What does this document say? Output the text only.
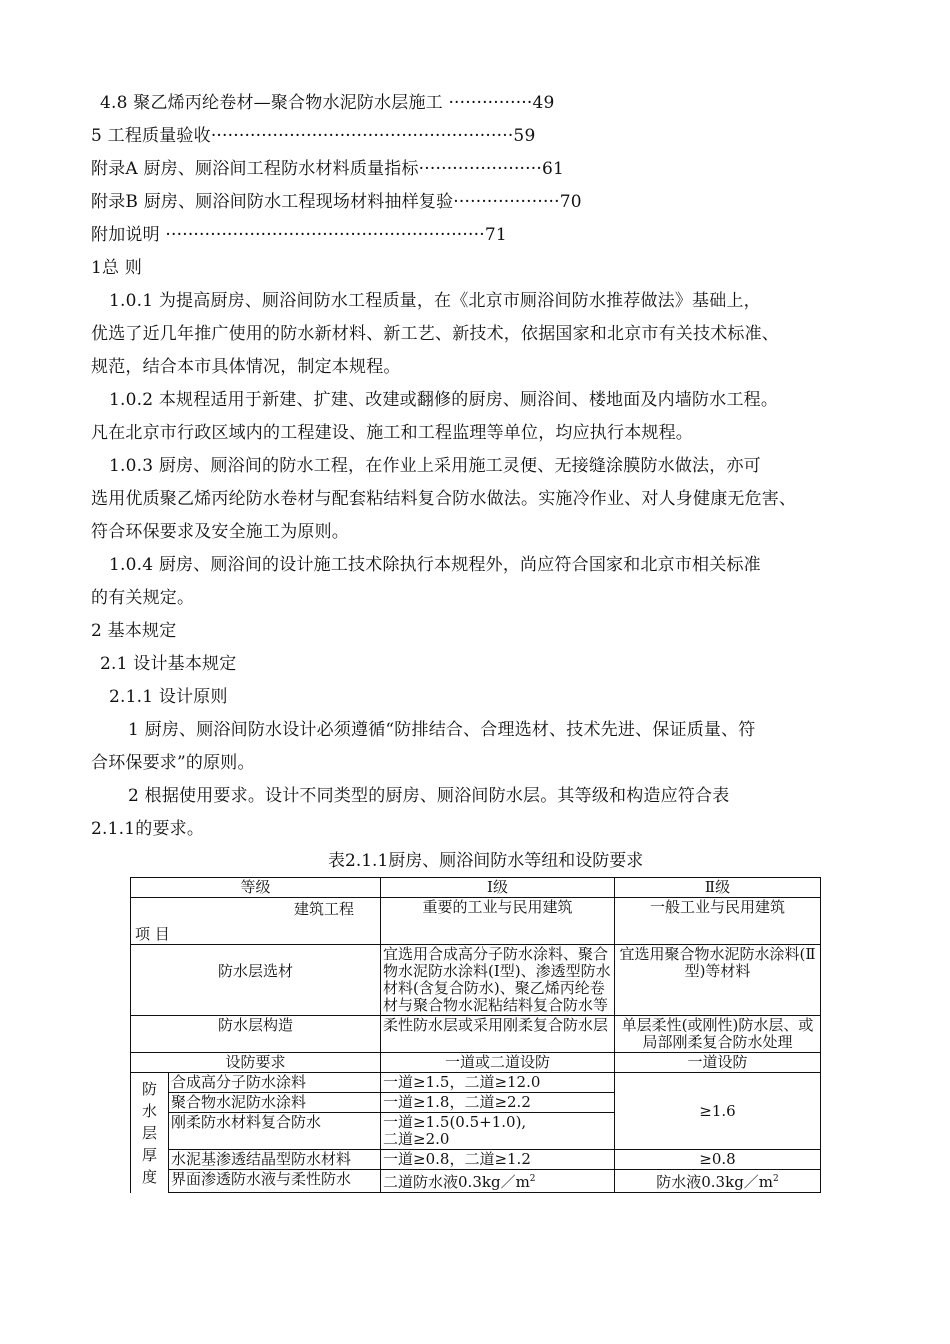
4.8 聚乙烯丙纶卷材—聚合物水泥防水层施工 ···············49
5 工程质量验收······················································59
附录A 厨房、厕浴间工程防水材料质量指标······················61
附录B 厨房、厕浴间防水工程现场材料抽样复验···················70
附加说明 ·························································71
1总 则
1.0.1 为提高厨房、厕浴间防水工程质量，在《北京市厕浴间防水推荐做法》基础上，
优选了近几年推广使用的防水新材料、新工艺、新技术，依据国家和北京市有关技术标准、
规范，结合本市具体情况，制定本规程。
1.0.2 本规程适用于新建、扩建、改建或翻修的厨房、厕浴间、楼地面及内墙防水工程。
凡在北京市行政区域内的工程建设、施工和工程监理等单位，均应执行本规程。
1.0.3 厨房、厕浴间的防水工程，在作业上采用施工灵便、无接缝涂膜防水做法，亦可
选用优质聚乙烯丙纶防水卷材与配套粘结料复合防水做法。实施冷作业、对人身健康无危害、
符合环保要求及安全施工为原则。
1.0.4 厨房、厕浴间的设计施工技术除执行本规程外，尚应符合国家和北京市相关标准
的有关规定。
2 基本规定
2.1 设计基本规定
2.1.1 设计原则
1 厨房、厕浴间防水设计必须遵循“防排结合、合理选材、技术先进、保证质量、符
合环保要求”的原则。
2 根据使用要求。设计不同类型的厨房、厕浴间防水层。其等级和构造应符合表
2.1.1的要求。
表2.1.1厨房、厕浴间防水等纽和设防要求
等级		Ⅰ级	Ⅱ级

建筑工程
项 目		重要的工业与民用建筑	一般工业与民用建筑
防水层选材		宜选用合成高分子防水涂料、聚合物水泥防水涂料(Ⅰ型)、渗透型防水材料(含复合防水)、聚乙烯丙纶卷材与聚合物水泥粘结料复合防水等	宜选用聚合物水泥防水涂料(Ⅱ型)等材料
防水层构造		柔性防水层或采用刚柔复合防水层	单层柔性(或刚性)防水层、或局部刚柔复合防水处理
设防要求		一道或二道设防	一道设防

防水层厚度	合成高分子防水涂料	一道≥1.5，二道≥12.0	≥1.6
	聚合物水泥防水涂料	一道≥1.8，二道≥2.2	
	刚柔防水材料复合防水	一道≥1.5(0.5+1.0),
二道≥2.0	

	水泥基渗透结晶型防水材料	一道≥0.8，二道≥1.2	≥0.8
	界面渗透防水液与柔性防水	二道防水液$0.3kg/m^2$	防水液$0.3kg/m^2$
